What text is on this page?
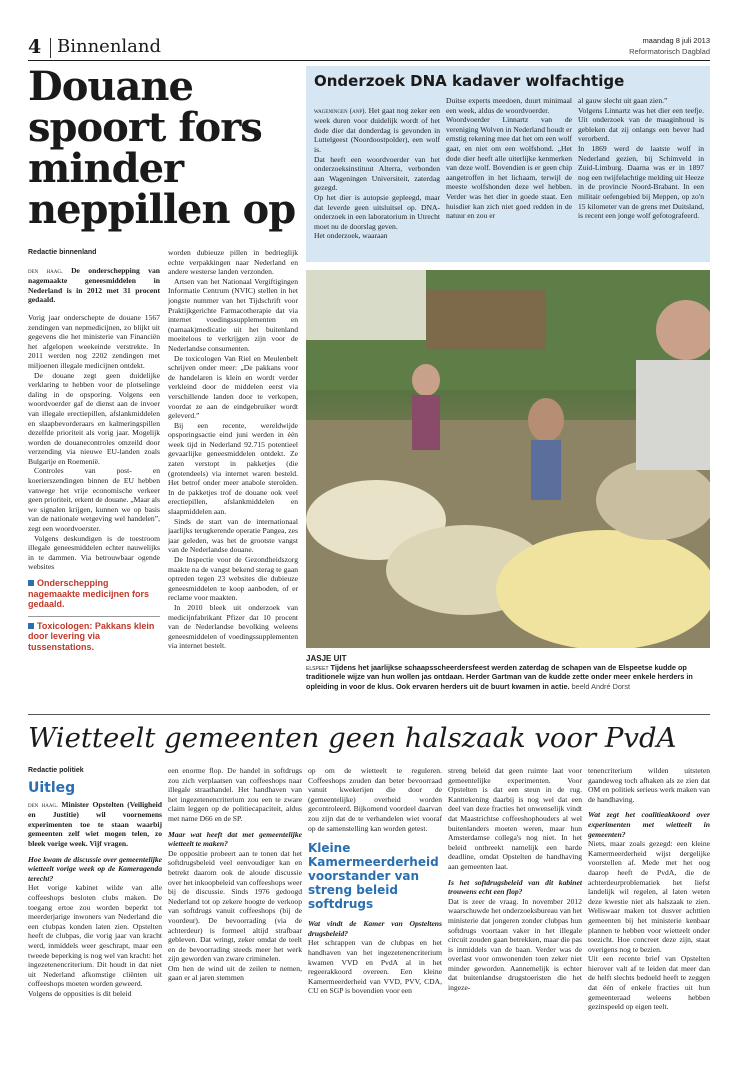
4 Binnenland	maandag 8 juli 2013
Reformatorisch Dagblad
Douane
spoort fors
minder
neppillen op
Redactie binnenland

den haag. De onderschepping van nagemaakte geneesmiddelen in Nederland is in 2012 met 31 procent gedaald.

Vorig jaar onderschepte de douane 1567 zendingen van nepmedicijnen, zo blijkt uit gegevens die het ministerie van Financiën het afgelopen weekeinde verstrekte. In 2011 werden nog 2202 zendingen met miljoenen illegale medicijnen ontdekt.

De douane zegt geen duidelijke verklaring te hebben voor de plotselinge daling in de opsporing. Volgens een woordvoerder gaf de dienst aan de invoer van illegale erectiepillen, afslankmiddelen en slaapbevorderaars en kalmeringspillen dezelfde prioriteit als vorig jaar. Mogelijk worden de douanecontroles omzeild door verzending via nieuwe EU-landen zoals Bulgarije en Roemenië.

Controles van post- en koerierszendingen binnen de EU hebben vanwege het vrije economische verkeer geen prioriteit, erkent de douane. „Maar als we signalen krijgen, kunnen we op basis van de nationale wetgeving wel handelen”, zegt een woordvoerster.

Volgens deskundigen is de toestroom illegale geneesmiddelen echter nauwelijks in te dammen. Via betrouwbaar ogende websites

Onderschepping nagemaakte medicijnen fors gedaald.
Toxicologen: Pakkans klein door levering via tussenstations.

worden dubieuze pillen in bedrieglijk echte verpakkingen naar Nederland en andere westerse landen verzonden.

Artsen van het Nationaal Vergiftigingen Informatie Centrum (NVIC) stellen in het jongste nummer van het Tijdschrift voor Praktijkgerichte Farmacotherapie dat via internet voedingssupplementen en (namaak)medicatie uit het buitenland moeiteloos te verkrijgen zijn voor de Nederlandse consumenten.

De toxicologen Van Riel en Meulenbelt schrijven onder meer: „De pakkans voor de handelaren is klein en wordt verder verkleind door de middelen eerst via verschillende landen door te verkopen, voordat ze aan de eindgebruiker wordt geleverd.”

Bij een recente, wereldwijde opsporingsactie eind juni werden in één week tijd in Nederland 92.715 potentieel gevaarlijke geneesmiddelen ontdekt. Ze zaten verstopt in pakketjes (die (grotendeels) via internet waren besteld. Het betrof onder meer anabole steroïden. In de pakketjes trof de douane ook veel erectiepillen, afslankmiddelen en slaapmiddelen aan.

Sinds de start van de internationaal jaarlijks terugkerende operatie Pangea, zes jaar geleden, was het de grootste vangst van de Nederlandse douane.

De Inspectie voor de Gezondheidszorg maakte na de vangst bekend sterag te gaan optreden tegen 23 websites die dubieuze geneesmiddelen te koop aanboden, of er reclame voor maakten.

In 2010 bleek uit onderzoek van medicijnfabrikant Pfizer dat 10 procent van de Nederlandse bevolking weleens geneesmiddelen of voedingssupplementen via internet bestelt.

Onderzoek DNA kadaver wolfachtige

wageningen (anp). Het gaat nog zeker een week duren voor duidelijk wordt of het dode dier dat donderdag is gevonden in Luttelgeest (Noordoostpolder), een wolf is.
Dat heeft een woordvoerder van het onderzoeksinstituut Alterra, verbonden aan Wageningen Universiteit, zaterdag gezegd.
Op het dier is autopsie gepleegd, maar dat leverde geen uitsluitsel op. DNA-onderzoek in een laboratorium in Utrecht moet nu de doorslag geven.
Het onderzoek, waaraan

Duitse experts meedoen, duurt minimaal een week, aldus de woordvoerder.
Woordvoerder Linnartz van de vereniging Wolven in Nederland houdt er ernstig rekening mee dat het om een wolf gaat, en niet om een wolfshond. „Het dode dier heeft alle uiterlijke kenmerken van deze wolf. Bovendien is er geen chip aangetroffen in het lichaam, terwijl de meeste wolfshonden deze wel hebben. Verder was het dier in goede staat. Een huisdier kan zich niet goed redden in de natuur en zou er
al gauw slecht uit gaan zien.”
Volgens Linnartz was het dier een teefje. Uit onderzoek van de maaginhoud is gebleken dat zij onlangs een bever had verorberd.
In 1869 werd de laatste wolf in Nederland gezien, bij Schimveld in Zuid-Limburg. Daarna was er in 1897 nog een twijfelachtige melding uit Heeze in de provincie Noord-Brabant. In een militair oefengebied bij Meppen, op zo'n 15 kilometer van de grens met Duitsland, is recent een jonge wolf gefotografeerd.
JASJE UIT
elspeet Tijdens het jaarlijkse schaapsscheerdersfeest werden zaterdag de schapen van de Elspeetse kudde op traditionele wijze van hun wollen jas ontdaan. Herder Gartman van de kudde zette onder meer enkele herders in opleiding in voor de klus. Ook ervaren herders uit de buurt kwamen in actie. beeld André Dorst
Wietteelt gemeenten geen halszaak voor PvdA
Redactie politiek
Uitleg

den haag. Minister Opstelten (Veiligheid en Justitie) wil voornemens experimenten toe te staan waarbij gemeenten zelf wiet mogen telen, zo bleek vorige week. Vijf vragen.

Hoe kwam de discussie over gemeentelijke wietteelt vorige week op de Kameragenda terecht?

Het vorige kabinet wilde van alle coffeeshops besloten clubs maken. De toegang ertoe zou worden beperkt tot meerderjarige inwoners van Nederland die een clubpas konden laten zien. Opstelten heeft de clubpas, die vorig jaar van kracht werd, inmiddels weer geschrapt, maar een tweede beperking is nog wel van kracht: het ingezetenencriterium. Dit houdt in dat niet uit Nederland afkomstige cliënten uit coffeeshops moeten worden geweerd.
Volgens de opposities is dit beleid

een enorme flop. De handel in softdrugs zou zich verplaatsen van coffeeshops naar illegale straathandel. Het handhaven van het ingezetenencriterium zou een te zware claim leggen op de politiecapaciteit, aldus met name D66 en de SP.

Maar wat heeft dat met gemeentelijke wietteelt te maken?

De oppositie probeert aan te tonen dat het softdrugsbeleid veel eenvoudiger kan en betrekt daarom ook de aloude discussie over het inkoopbeleid van coffeeshops weer bij de discussie. Sinds 1976 gedoogd Nederland tot op zekere hoogte de verkoop van softdrugs vanuit coffeeshops (bij de voordeur). De bevoorrading (via de achterdeur) is formeel altijd strafbaar gebleven. Dat wringt, zeker omdat de teelt en de bevoorrading steeds meer het werk zijn geworden van zware criminelen.
Om hen de wind uit de zeilen te nemen, gaan er al jaren stemmen

op om de wietteelt te reguleren. Coffeeshops zouden dan beter bevoorraad vanuit kwekerijen die door de (gemeentelijke) overheid worden gecontroleerd. Bijkomend voordeel daarvan zou zijn dat de te verhandelen wiet vooraf op de samenstelling kan worden getest.

Kleine Kamermeerderheid voorstander van streng beleid softdrugs

Wat vindt de Kamer van Opsteltens drugsbeleid?

Het schrappen van de clubpas en het handhaven van het ingezetenencriterium kwamen VVD en PvdA al in het regeerakkoord overeen. Een kleine Kamermeerderheid van VVD, PVV, CDA, CU en SGP is bovendien voor een

streng beleid dat geen ruimte laat voor gemeentelijke experimenten. Voor Opstelten is dat een steun in de rug. Kanttekening daarbij is nog wel dat een deel van deze fracties het onwenselijk vindt dat Maastrichtse coffeeshophouders al wel buitenlanders moeten weren, maar hun Amsterdamse collega's nog niet. In het beleid ontbreekt namelijk een harde deadline, omdat Opstelten de handhaving aan gemeenten laat.

Is het softdrugsbeleid van dit kabinet trouwens echt een flop?

Dat is zeer de vraag. In november 2012 waarschuwde het onderzoeksbureau van het ministerie dat jongeren zonder clubpas hun softdrugs voortaan vaker in het illegale circuit zouden gaan betrekken, maar die pas is inmiddels van de baan. Verder was de overlast voor omwonenden toen zeker niet minder geworden. Aannemelijk is echter dat buitenlandse drugstoeristen die het ingeze-

tenencriterium wilden uitsteten gaandeweg toch afhaken als ze zien dat OM en politiek serieus werk maken van de handhaving.

Wat zegt het coalitieakkoord over experimenten met wietteelt in gemeenten?

Niets, maar zoals gezegd: een kleine Kamermeerderheid wijst dergelijke voorstellen af. Mede met het oog daarop heeft de PvdA, die de achterdeurproblematiek het liefst landelijk wil regelen, al laten weten deze kwestie niet als halszaak te zien. Weliswaar maken tot dusver achttien gemeenten bij het ministerie kenbaar plannen te hebben voor wietteelt onder toezicht. Hoe concreet deze zijn, staat overigens nog te bezien.
Uit een recente brief van Opstelten hierover valt af te leiden dat meer dan de helft slechts bedoeld heeft te zeggen dat één of enkele fracties uit hun gemeenteraad weleens hebben gezinspeeld op eigen teelt.
